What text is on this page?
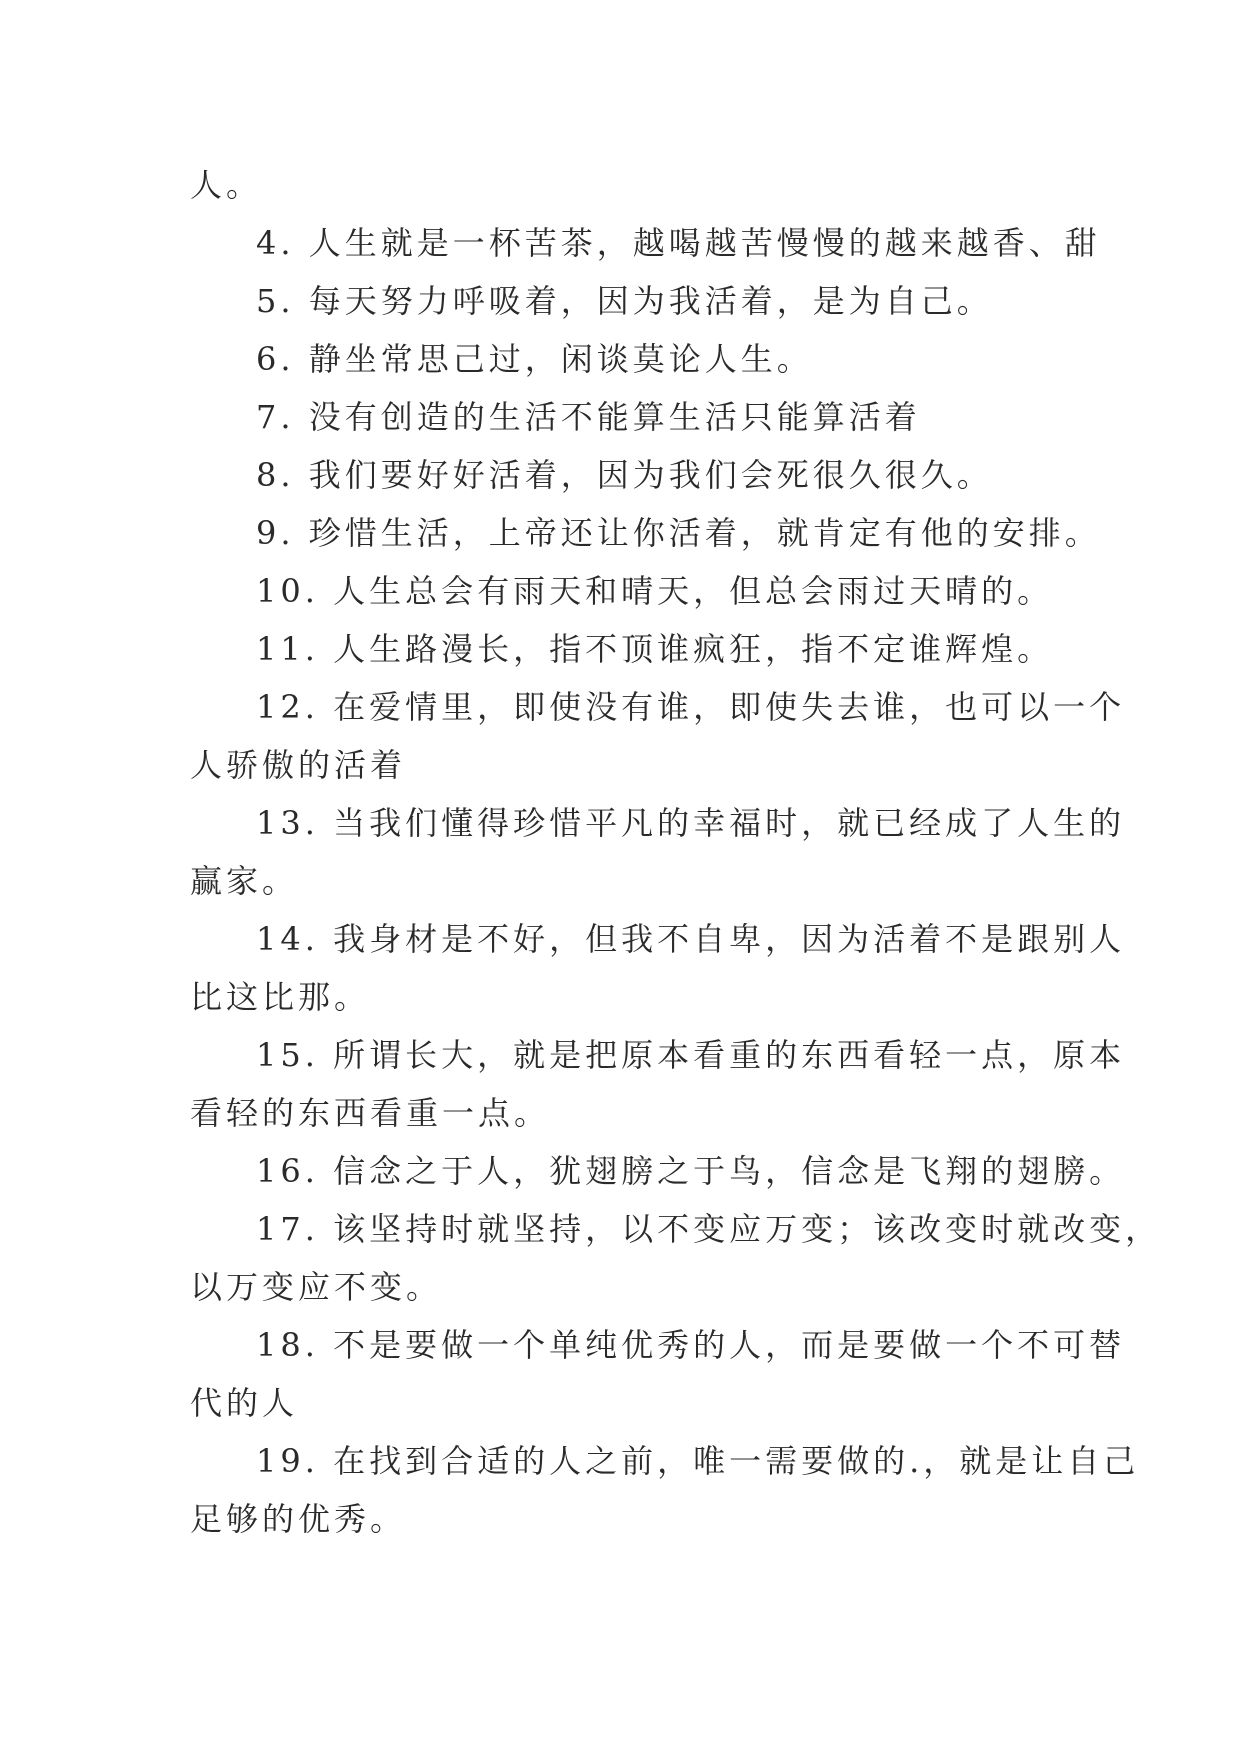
人。
4. 人生就是一杯苦茶，越喝越苦慢慢的越来越香、甜
5. 每天努力呼吸着，因为我活着，是为自己。
6. 静坐常思己过，闲谈莫论人生。
7. 没有创造的生活不能算生活只能算活着
8. 我们要好好活着，因为我们会死很久很久。
9. 珍惜生活，上帝还让你活着，就肯定有他的安排。
10. 人生总会有雨天和晴天，但总会雨过天晴的。
11. 人生路漫长，指不顶谁疯狂，指不定谁辉煌。
12. 在爱情里，即使没有谁，即使失去谁，也可以一个
人骄傲的活着
13. 当我们懂得珍惜平凡的幸福时，就已经成了人生的
赢家。
14. 我身材是不好，但我不自卑，因为活着不是跟别人
比这比那。
15. 所谓长大，就是把原本看重的东西看轻一点，原本
看轻的东西看重一点。
16. 信念之于人，犹翅膀之于鸟，信念是飞翔的翅膀。
17. 该坚持时就坚持，以不变应万变；该改变时就改变，
以万变应不变。
18. 不是要做一个单纯优秀的人，而是要做一个不可替
代的人
19. 在找到合适的人之前，唯一需要做的.，就是让自己
足够的优秀。
